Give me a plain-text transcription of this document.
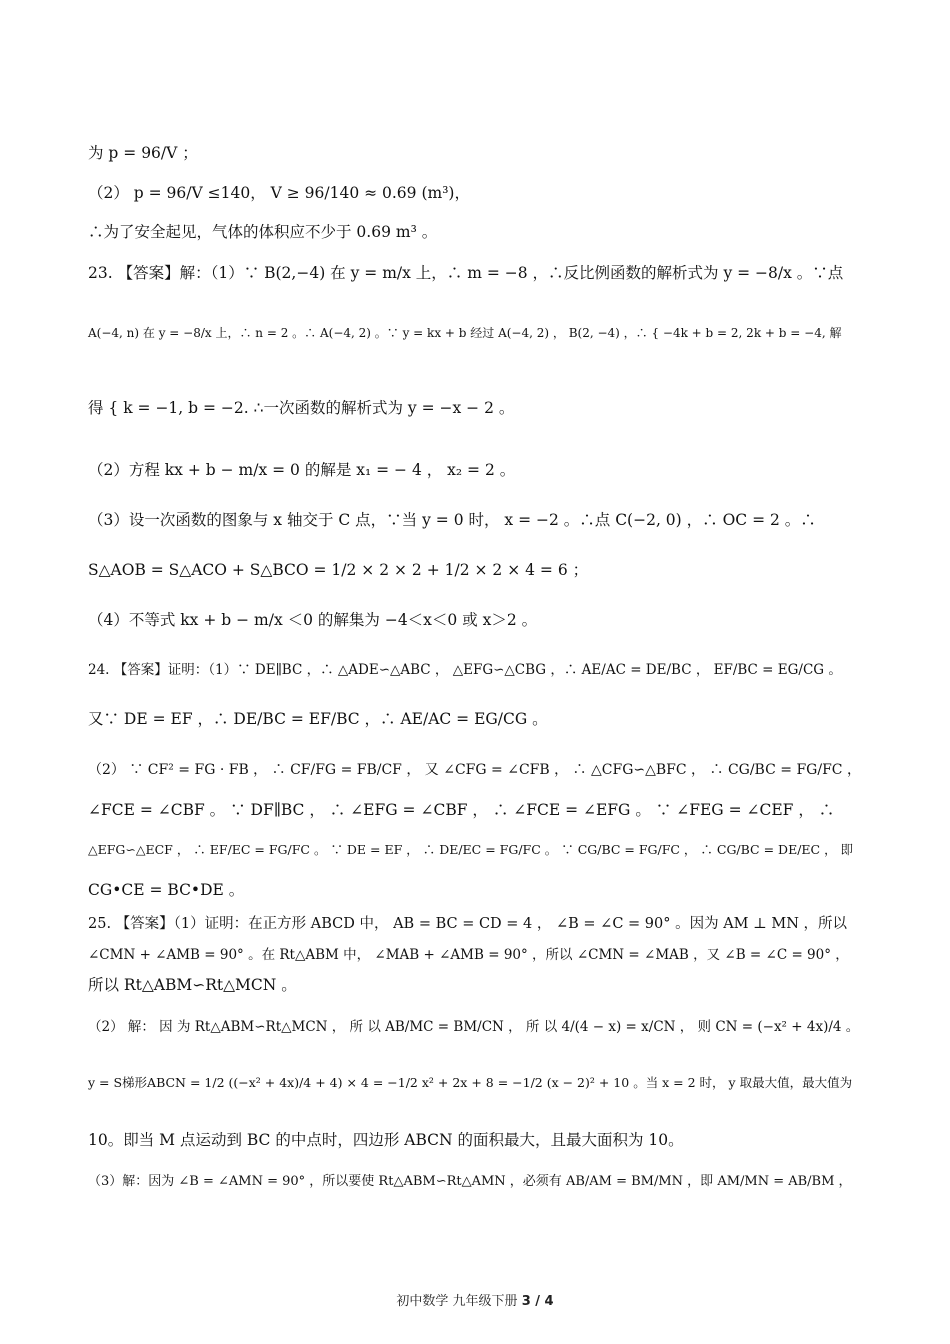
为 p = 96/V ；
（2） p = 96/V ≤140， V ≥ 96/140 ≈ 0.69 (m³)，
∴为了安全起见，气体的体积应不少于 0.69 m³ 。
23. 【答案】解：（1）∵ B(2,−4) 在 y = m/x 上，∴ m = −8 ，∴反比例函数的解析式为 y = −8/x 。∵点
A(−4, n) 在 y = −8/x 上，∴ n = 2 。∴ A(−4, 2) 。∵ y = kx + b 经过 A(−4, 2) ， B(2, −4) ，∴ { −4k + b = 2, 2k + b = −4, 解
得 { k = −1, b = −2. ∴一次函数的解析式为 y = −x − 2 。
（2）方程 kx + b − m/x = 0 的解是 x₁ = − 4 ， x₂ = 2 。
（3）设一次函数的图象与 x 轴交于 C 点，∵当 y = 0 时， x = −2 。∴点 C(−2, 0) ，∴ OC = 2 。∴
S△AOB = S△ACO + S△BCO = 1/2 × 2 × 2 + 1/2 × 2 × 4 = 6 ；
（4）不等式 kx + b − m/x ＜0 的解集为 −4＜x＜0 或 x＞2 。
24. 【答案】证明：（1）∵ DE∥BC ，∴ △ADE∽△ABC ， △EFG∽△CBG ，∴ AE/AC = DE/BC ， EF/BC = EG/CG 。
又∵ DE = EF ，∴ DE/BC = EF/BC ，∴ AE/AC = EG/CG 。
（2） ∵ CF² = FG · FB ， ∴ CF/FG = FB/CF ， 又 ∠CFG = ∠CFB ， ∴ △CFG∽△BFC ， ∴ CG/BC = FG/FC ，
∠FCE = ∠CBF 。 ∵ DF∥BC ， ∴ ∠EFG = ∠CBF ， ∴ ∠FCE = ∠EFG 。 ∵ ∠FEG = ∠CEF ， ∴
△EFG∽△ECF ， ∴ EF/EC = FG/FC 。 ∵ DE = EF ， ∴ DE/EC = FG/FC 。 ∵ CG/BC = FG/FC ， ∴ CG/BC = DE/EC ， 即
CG•CE = BC•DE 。
25. 【答案】（1）证明：在正方形 ABCD 中， AB = BC = CD = 4 ， ∠B = ∠C = 90° 。因为 AM ⊥ MN ，所以
∠CMN + ∠AMB = 90° 。在 Rt△ABM 中， ∠MAB + ∠AMB = 90° ，所以 ∠CMN = ∠MAB ，又 ∠B = ∠C = 90° ，
所以 Rt△ABM∽Rt△MCN 。
（2） 解： 因 为 Rt△ABM∽Rt△MCN ， 所 以 AB/MC = BM/CN ， 所 以 4/(4 − x) = x/CN ， 则 CN = (−x² + 4x)/4 。
y = S梯形ABCN = 1/2 ((−x² + 4x)/4 + 4) × 4 = −1/2 x² + 2x + 8 = −1/2 (x − 2)² + 10 。当 x = 2 时， y 取最大值，最大值为
10。即当 M 点运动到 BC 的中点时，四边形 ABCN 的面积最大，且最大面积为 10。
（3）解：因为 ∠B = ∠AMN = 90° ，所以要使 Rt△ABM∽Rt△AMN ，必须有 AB/AM = BM/MN ，即 AM/MN = AB/BM ，
初中数学 九年级下册 3 / 4
